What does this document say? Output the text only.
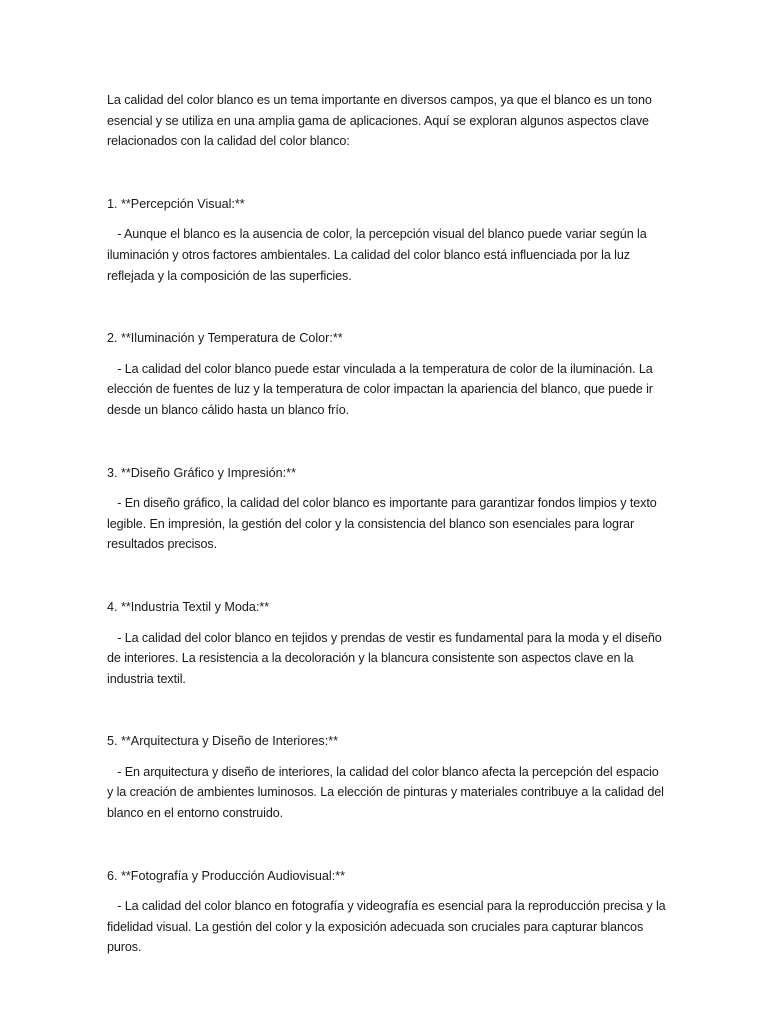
La calidad del color blanco es un tema importante en diversos campos, ya que el blanco es un tono esencial y se utiliza en una amplia gama de aplicaciones. Aquí se exploran algunos aspectos clave relacionados con la calidad del color blanco:

1. **Percepción Visual:**

- Aunque el blanco es la ausencia de color, la percepción visual del blanco puede variar según la iluminación y otros factores ambientales. La calidad del color blanco está influenciada por la luz reflejada y la composición de las superficies.

2. **Iluminación y Temperatura de Color:**

- La calidad del color blanco puede estar vinculada a la temperatura de color de la iluminación. La elección de fuentes de luz y la temperatura de color impactan la apariencia del blanco, que puede ir desde un blanco cálido hasta un blanco frío.

3. **Diseño Gráfico y Impresión:**

- En diseño gráfico, la calidad del color blanco es importante para garantizar fondos limpios y texto legible. En impresión, la gestión del color y la consistencia del blanco son esenciales para lograr resultados precisos.

4. **Industria Textil y Moda:**

- La calidad del color blanco en tejidos y prendas de vestir es fundamental para la moda y el diseño de interiores. La resistencia a la decoloración y la blancura consistente son aspectos clave en la industria textil.

5. **Arquitectura y Diseño de Interiores:**

- En arquitectura y diseño de interiores, la calidad del color blanco afecta la percepción del espacio y la creación de ambientes luminosos. La elección de pinturas y materiales contribuye a la calidad del blanco en el entorno construido.

6. **Fotografía y Producción Audiovisual:**

- La calidad del color blanco en fotografía y videografía es esencial para la reproducción precisa y la fidelidad visual. La gestión del color y la exposición adecuada son cruciales para capturar blancos puros.
